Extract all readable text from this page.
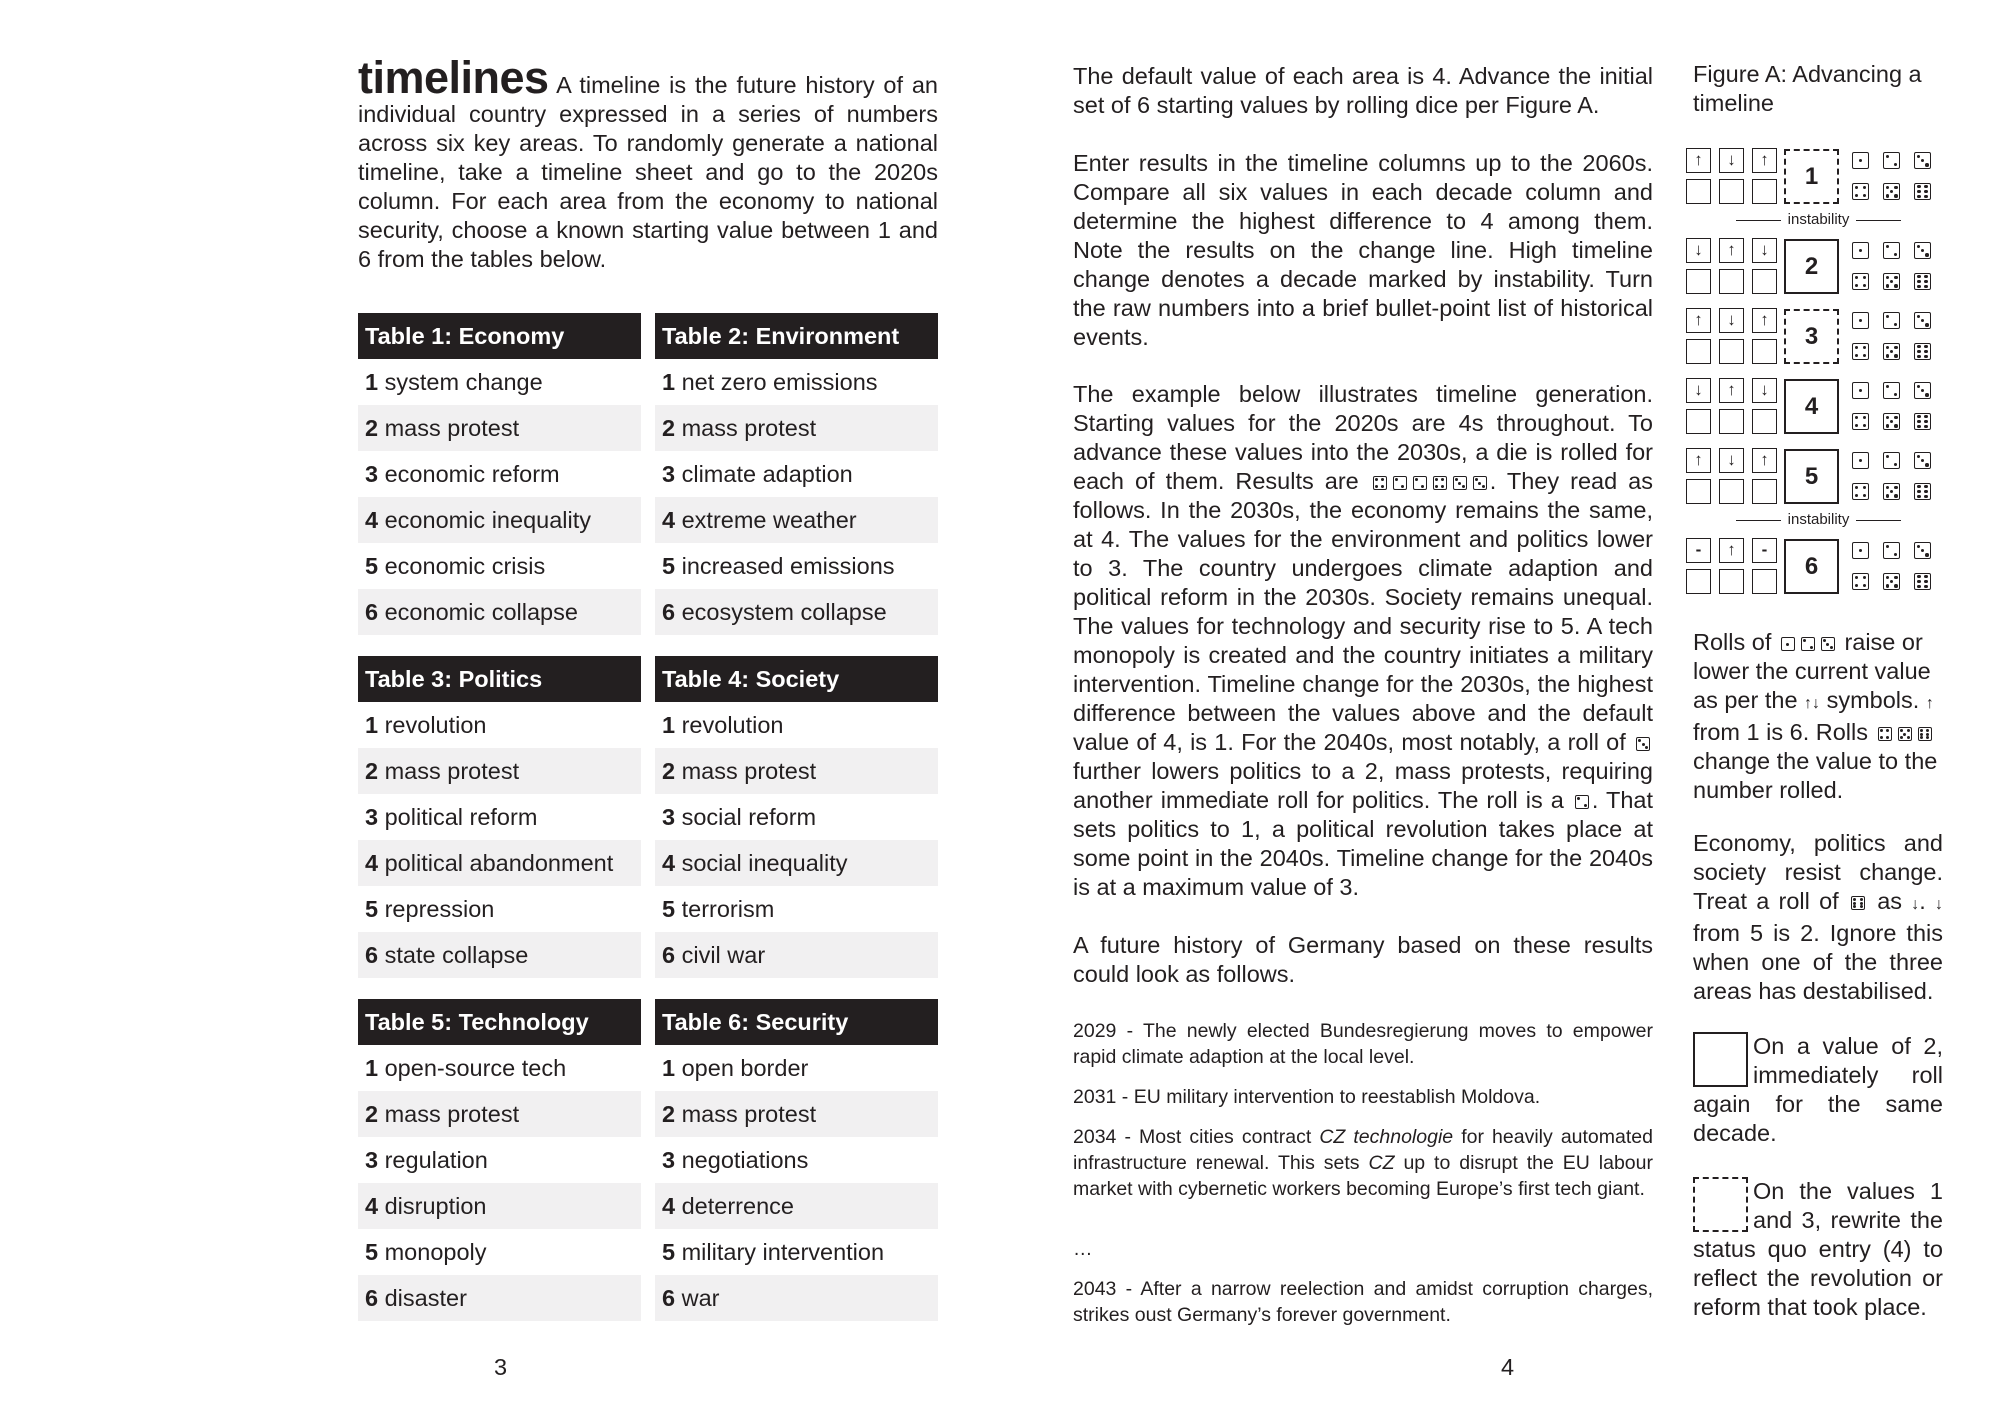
timelines A timeline is the future history of an individual country expressed in a series of numbers across six key areas. To randomly generate a national timeline, take a timeline sheet and go to the 2020s column. For each area from the economy to national security, choose a known starting value between 1 and 6 from the tables below.
Table 1: Economy
1 system change
2 mass protest
3 economic reform
4 economic inequality
5 economic crisis
6 economic collapse
Table 2: Environment
1 net zero emissions
2 mass protest
3 climate adaption
4 extreme weather
5 increased emissions
6 ecosystem collapse
Table 3: Politics
1 revolution
2 mass protest
3 political reform
4 political abandonment
5 repression
6 state collapse
Table 4: Society
1 revolution
2 mass protest
3 social reform
4 social inequality
5 terrorism
6 civil war
Table 5: Technology
1 open-source tech
2 mass protest
3 regulation
4 disruption
5 monopoly
6 disaster
Table 6: Security
1 open border
2 mass protest
3 negotiations
4 deterrence
5 military intervention
6 war
3
The default value of each area is 4. Advance the initial set of 6 starting values by rolling dice per Figure A.
Enter results in the timeline columns up to the 2060s. Compare all six values in each decade column and determine the highest difference to 4 among them. Note the results on the change line. High timeline change denotes a decade marked by instability. Turn the raw numbers into a brief bullet-point list of historical events.
The example below illustrates timeline generation. Starting values for the 2020s are 4s throughout. To advance these values into the 2030s, a die is rolled for each of them. Results are	. They read as follows. In the 2030s, the economy remains the same, at 4. The values for the environment and politics lower to 3. The country undergoes climate adaption and political reform in the 2030s. Society remains unequal. The values for technology and security rise to 5. A tech monopoly is created and the country initiates a military intervention. Timeline change for the 2030s, the highest difference between the values above and the default value of 4, is 1. For the 2040s, most notably, a roll of
further lowers politics to a 2, mass protests, requiring another immediate roll for politics. The roll is a . That sets politics to 1, a political revolution takes place at some point in the 2040s. Timeline change for the 2040s is at a maximum value of 3.
A future history of Germany based on these results could look as follows.
2029 - The newly elected Bundesregierung moves to empower rapid climate adaption at the local level.
2031 - EU military intervention to reestablish Moldova.
2034 - Most cities contract CZ technologie for heavily automated infrastructure renewal. This sets CZ up to disrupt the EU labour market with cybernetic workers becoming Europe’s first tech giant.
…
2043 - After a narrow reelection and amidst corruption charges, strikes oust Germany’s forever government.
4
Figure A: Advancing a timeline
↑	↓	↑
1
↓	↑	↓
2
↑	↓	↑
3
↓	↑	↓
4
↑	↓	↑
5
-	↑	-
6
instability
instability
Rolls of	raise or lower the current value as per the ↑↓ symbols. ↑ from 1 is 6. Rolls
change the value to the number rolled.
Economy, politics and society resist change. Treat a roll of as ↓. ↓ from 5 is 2. Ignore this when one of the three areas has destabilised.
On a value of 2, immediately roll again for the same decade.
On the values 1 and 3, rewrite the status quo entry (4) to reflect the revolution or reform that took place.
